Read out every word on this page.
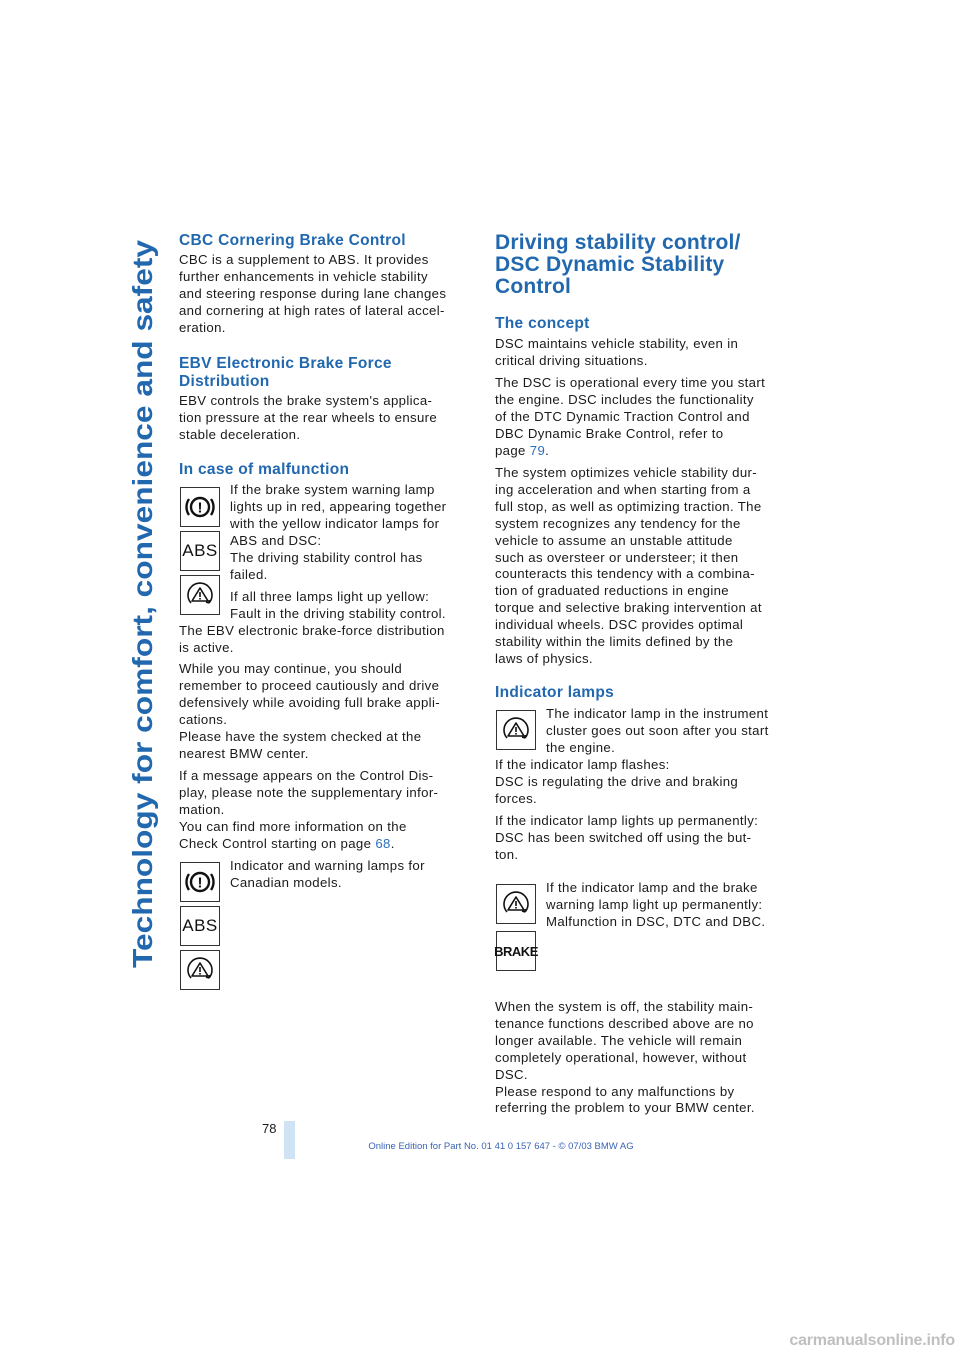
Technology for comfort, convenience and safety
CBC Cornering Brake Control

CBC is a supplement to ABS. It provides

further enhancements in vehicle stability

and steering response during lane changes

and cornering at high rates of lateral accel-

eration.

EBV Electronic Brake Force
Distribution

EBV controls the brake system's applica-

tion pressure at the rear wheels to ensure

stable deceleration.

In case of malfunction

If the brake system warning lamp

lights up in red, appearing together

with the yellow indicator lamps for

ABS and DSC:

The driving stability control has

failed.

If all three lamps light up yellow:

Fault in the driving stability control.

The EBV electronic brake-force distribution

is active.

While you may continue, you should

remember to proceed cautiously and drive

defensively while avoiding full brake appli-

cations.

Please have the system checked at the

nearest BMW center.

If a message appears on the Control Dis-

play, please note the supplementary infor-

mation.

You can find more information on the

Check Control starting on page 68.

Indicator and warning lamps for

Canadian models.

!
ABS
!
ABS
Driving stability control/
DSC Dynamic Stability
Control
The concept

DSC maintains vehicle stability, even in

critical driving situations.

The DSC is operational every time you start

the engine. DSC includes the functionality

of the DTC Dynamic Traction Control and

DBC Dynamic Brake Control, refer to

page 79.

The system optimizes vehicle stability dur-

ing acceleration and when starting from a

full stop, as well as optimizing traction. The

system recognizes any tendency for the

vehicle to assume an unstable attitude

such as oversteer or understeer; it then

counteracts this tendency with a combina-

tion of graduated reductions in engine

torque and selective braking intervention at

individual wheels. DSC provides optimal

stability within the limits defined by the

laws of physics.

Indicator lamps

The indicator lamp in the instrument

cluster goes out soon after you start

the engine.

If the indicator lamp flashes:

DSC is regulating the drive and braking

forces.

If the indicator lamp lights up permanently:

DSC has been switched off using the but-

ton.

If the indicator lamp and the brake

warning lamp light up permanently:

Malfunction in DSC, DTC and DBC.

When the system is off, the stability main-

tenance functions described above are no

longer available. The vehicle will remain

completely operational, however, without

DSC.

Please respond to any malfunctions by

referring the problem to your BMW center.

BRAKE
78
Online Edition for Part No. 01 41 0 157 647 - © 07/03 BMW AG
carmanualsonline.info
